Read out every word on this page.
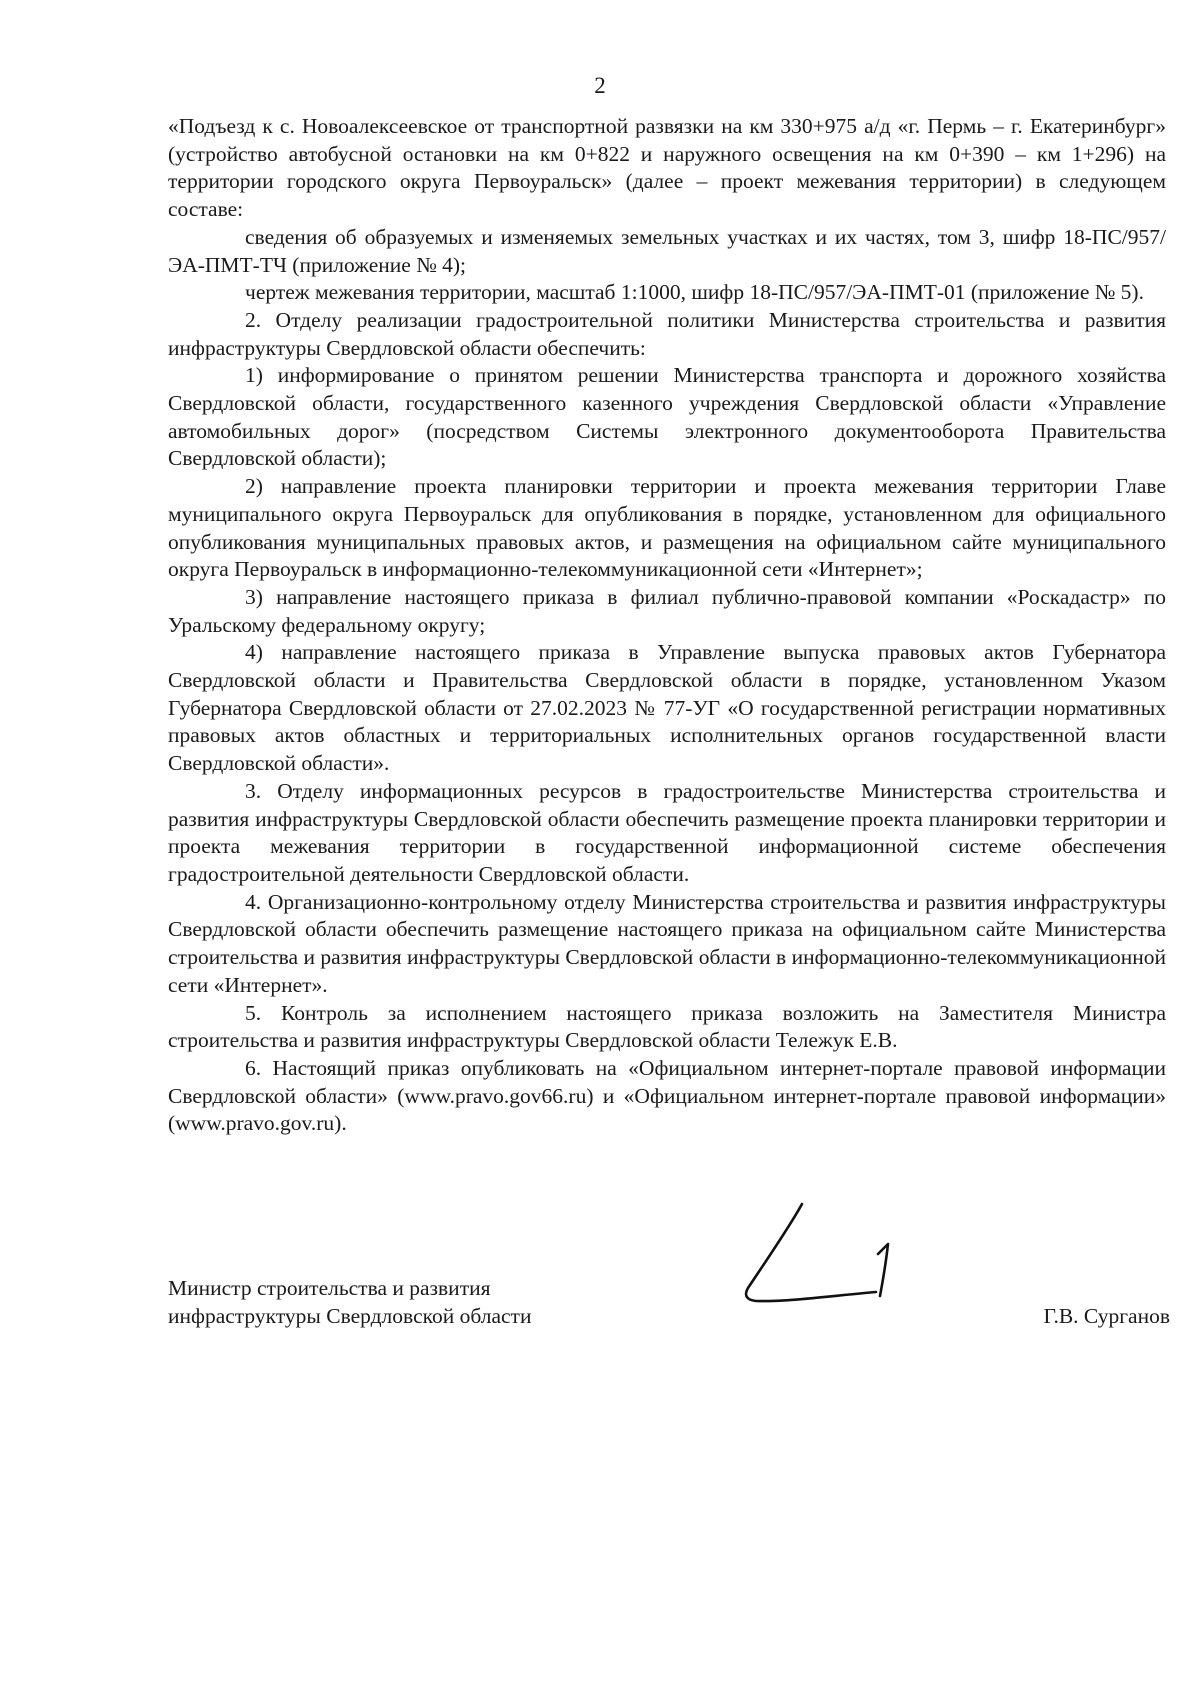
2

«Подъезд к с. Новоалексеевское от транспортной развязки на км 330+975 а/д «г. Пермь – г. Екатеринбург» (устройство автобусной остановки на км 0+822 и наружного освещения на км 0+390 – км 1+296) на территории городского округа Первоуральск» (далее – проект межевания территории) в следующем составе:

сведения об образуемых и изменяемых земельных участках и их частях, том 3, шифр 18-ПС/957/ЭА-ПМТ-ТЧ (приложение № 4);

чертеж межевания территории, масштаб 1:1000, шифр 18-ПС/957/ЭА-ПМТ-01 (приложение № 5).

2. Отделу реализации градостроительной политики Министерства строительства и развития инфраструктуры Свердловской области обеспечить:

1) информирование о принятом решении Министерства транспорта и дорожного хозяйства Свердловской области, государственного казенного учреждения Свердловской области «Управление автомобильных дорог» (посредством Системы электронного документооборота Правительства Свердловской области);

2) направление проекта планировки территории и проекта межевания территории Главе муниципального округа Первоуральск для опубликования в порядке, установленном для официального опубликования муниципальных правовых актов, и размещения на официальном сайте муниципального округа Первоуральск в информационно-телекоммуникационной сети «Интернет»;

3) направление настоящего приказа в филиал публично-правовой компании «Роскадастр» по Уральскому федеральному округу;

4) направление настоящего приказа в Управление выпуска правовых актов Губернатора Свердловской области и Правительства Свердловской области в порядке, установленном Указом Губернатора Свердловской области от 27.02.2023 № 77-УГ «О государственной регистрации нормативных правовых актов областных и территориальных исполнительных органов государственной власти Свердловской области».

3. Отделу информационных ресурсов в градостроительстве Министерства строительства и развития инфраструктуры Свердловской области обеспечить размещение проекта планировки территории и проекта межевания территории в государственной информационной системе обеспечения градостроительной деятельности Свердловской области.

4. Организационно-контрольному отделу Министерства строительства и развития инфраструктуры Свердловской области обеспечить размещение настоящего приказа на официальном сайте Министерства строительства и развития инфраструктуры Свердловской области в информационно-телекоммуникационной сети «Интернет».

5. Контроль за исполнением настоящего приказа возложить на Заместителя Министра строительства и развития инфраструктуры Свердловской области Тележук Е.В.

6. Настоящий приказ опубликовать на «Официальном интернет-портале правовой информации Свердловской области» (www.pravo.gov66.ru) и «Официальном интернет-портале правовой информации» (www.pravo.gov.ru).

Министр строительства и развития
инфраструктуры Свердловской области	Г.В. Сурганов
